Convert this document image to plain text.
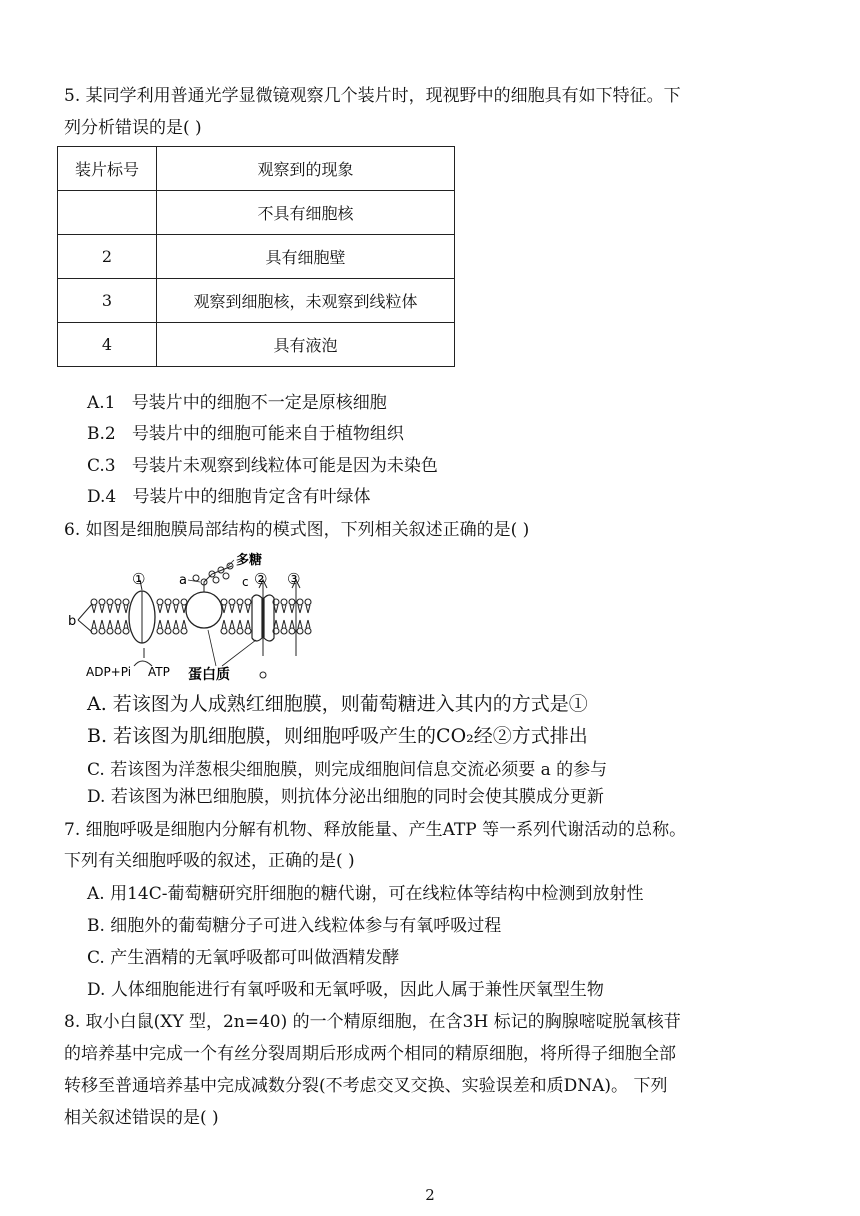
5. 某同学利用普通光学显微镜观察几个装片时，现视野中的细胞具有如下特征。下
列分析错误的是( )
装片标号	观察到的现象
	不具有细胞核
2	具有细胞壁
3	观察到细胞核，未观察到线粒体
4	具有液泡
A.1 号装片中的细胞不一定是原核细胞
B.2 号装片中的细胞可能来自于植物组织
C.3 号装片未观察到线粒体可能是因为未染色
D.4 号装片中的细胞肯定含有叶绿体
6. 如图是细胞膜局部结构的模式图，下列相关叙述正确的是( )
b
①	a
多糖
c ② ③
ADP+Pi ATP 蛋白质
A. 若该图为人成熟红细胞膜，则葡萄糖进入其内的方式是①
B. 若该图为肌细胞膜，则细胞呼吸产生的CO₂经②方式排出
C. 若该图为洋葱根尖细胞膜，则完成细胞间信息交流必须要 a 的参与
D. 若该图为淋巴细胞膜，则抗体分泌出细胞的同时会使其膜成分更新
7. 细胞呼吸是细胞内分解有机物、释放能量、产生ATP 等一系列代谢活动的总称。
下列有关细胞呼吸的叙述，正确的是( )
A. 用14C-葡萄糖研究肝细胞的糖代谢，可在线粒体等结构中检测到放射性
B. 细胞外的葡萄糖分子可进入线粒体参与有氧呼吸过程
C. 产生酒精的无氧呼吸都可叫做酒精发酵
D. 人体细胞能进行有氧呼吸和无氧呼吸，因此人属于兼性厌氧型生物
8. 取小白鼠(XY 型，2n=40) 的一个精原细胞，在含3H 标记的胸腺嘧啶脱氧核苷
的培养基中完成一个有丝分裂周期后形成两个相同的精原细胞，将所得子细胞全部
转移至普通培养基中完成减数分裂(不考虑交叉交换、实验误差和质DNA)。 下列
相关叙述错误的是( )
2
